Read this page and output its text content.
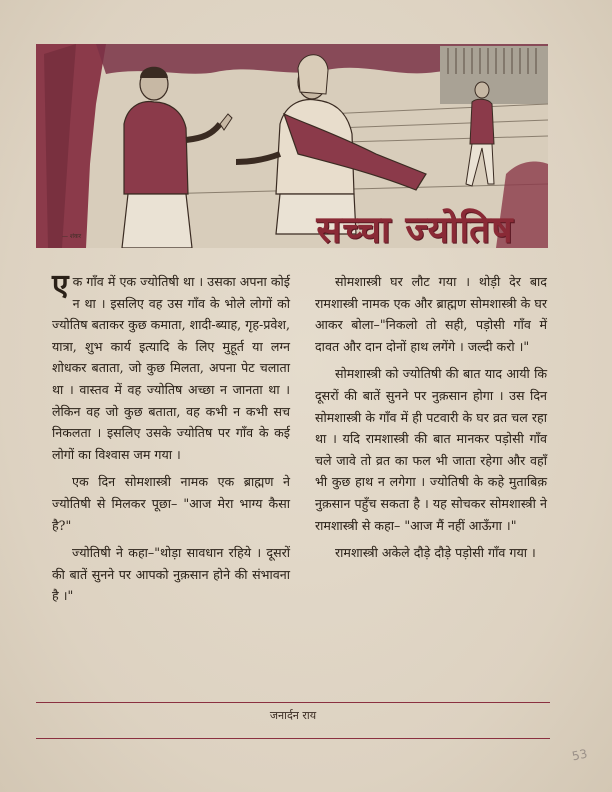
— शंकर	सच्चा ज्योतिष

एक गाँव में एक ज्योतिषी था । उसका अपना कोई न था । इसलिए वह उस गाँव के भोले लोगों को ज्योतिष बताकर कुछ कमाता, शादी-ब्याह, गृह-प्रवेश, यात्रा, शुभ कार्य इत्यादि के लिए मुहूर्त या लग्न शोधकर बताता, जो कुछ मिलता, अपना पेट चलाता था । वास्तव में वह ज्योतिष अच्छा न जानता था । लेकिन वह जो कुछ बताता, वह कभी न कभी सच निकलता । इसलिए उसके ज्योतिष पर गाँव के कई लोगों का विश्वास जम गया ।

एक दिन सोमशास्त्री नामक एक ब्राह्मण ने ज्योतिषी से मिलकर पूछा– "आज मेरा भाग्य कैसा है?"

ज्योतिषी ने कहा–"थोड़ा सावधान रहिये । दूसरों की बातें सुनने पर आपको नुक़सान होने की संभावना है ।"

सोमशास्त्री घर लौट गया । थोड़ी देर बाद रामशास्त्री नामक एक और ब्राह्मण सोमशास्त्री के घर आकर बोला–"निकलो तो सही, पड़ोसी गाँव में दावत और दान दोनों हाथ लगेंगे । जल्दी करो ।"

सोमशास्त्री को ज्योतिषी की बात याद आयी कि दूसरों की बातें सुनने पर नुक़सान होगा । उस दिन सोमशास्त्री के गाँव में ही पटवारी के घर व्रत चल रहा था । यदि रामशास्त्री की बात मानकर पड़ोसी गाँव चले जावे तो व्रत का फल भी जाता रहेगा और वहाँ भी कुछ हाथ न लगेगा । ज्योतिषी के कहे मुताबिक़ नुक़सान पहुँच सकता है । यह सोचकर सोमशास्त्री ने रामशास्त्री से कहा– "आज मैं नहीं आऊँगा ।"

रामशास्त्री अकेले दौड़े दौड़े पड़ोसी गाँव गया ।

जनार्दन राय
53
